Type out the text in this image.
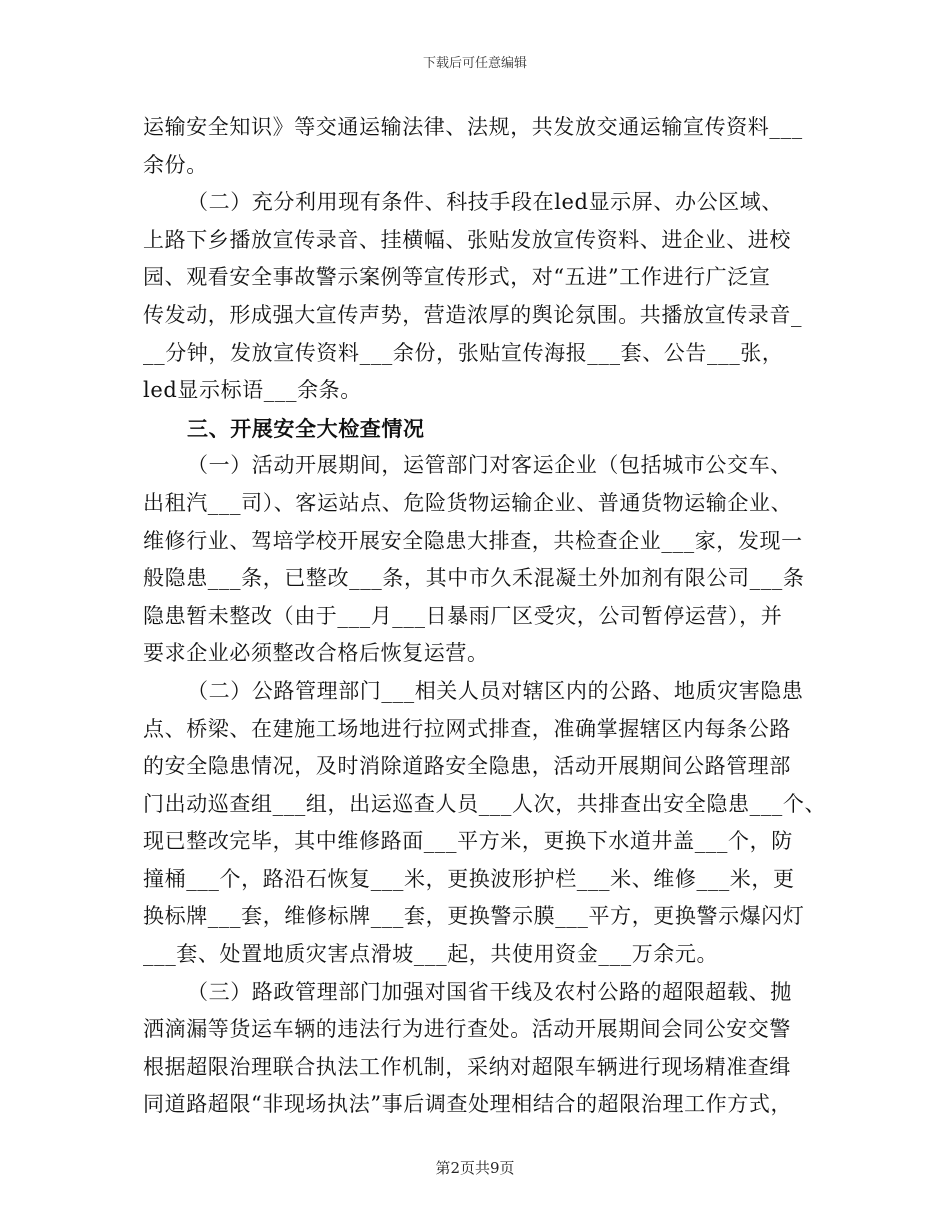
下载后可任意编辑
运输安全知识》等交通运输法律、法规，共发放交通运输宣传资料___
余份。
（二）充分利用现有条件、科技手段在led显示屏、办公区域、
上路下乡播放宣传录音、挂横幅、张贴发放宣传资料、进企业、进校
园、观看安全事故警示案例等宣传形式，对“五进”工作进行广泛宣
传发动，形成强大宣传声势，营造浓厚的舆论氛围。共播放宣传录音_
__分钟，发放宣传资料___余份，张贴宣传海报___套、公告___张，
led显示标语___余条。
三、开展安全大检查情况
（一）活动开展期间，运管部门对客运企业（包括城市公交车、
出租汽___司）、客运站点、危险货物运输企业、普通货物运输企业、
维修行业、驾培学校开展安全隐患大排查，共检查企业___家，发现一
般隐患___条，已整改___条，其中市久禾混凝土外加剂有限公司___条
隐患暂未整改（由于___月___日暴雨厂区受灾，公司暂停运营），并
要求企业必须整改合格后恢复运营。
（二）公路管理部门___相关人员对辖区内的公路、地质灾害隐患
点、桥梁、在建施工场地进行拉网式排查，准确掌握辖区内每条公路
的安全隐患情况，及时消除道路安全隐患，活动开展期间公路管理部
门出动巡查组___组，出运巡查人员___人次，共排查出安全隐患___个、
现已整改完毕，其中维修路面___平方米，更换下水道井盖___个，防
撞桶___个，路沿石恢复___米，更换波形护栏___米、维修___米，更
换标牌___套，维修标牌___套，更换警示膜___平方，更换警示爆闪灯
___套、处置地质灾害点滑坡___起，共使用资金___万余元。
（三）路政管理部门加强对国省干线及农村公路的超限超载、抛
洒滴漏等货运车辆的违法行为进行查处。活动开展期间会同公安交警
根据超限治理联合执法工作机制，采纳对超限车辆进行现场精准查缉
同道路超限“非现场执法”事后调查处理相结合的超限治理工作方式，
第2页共9页
